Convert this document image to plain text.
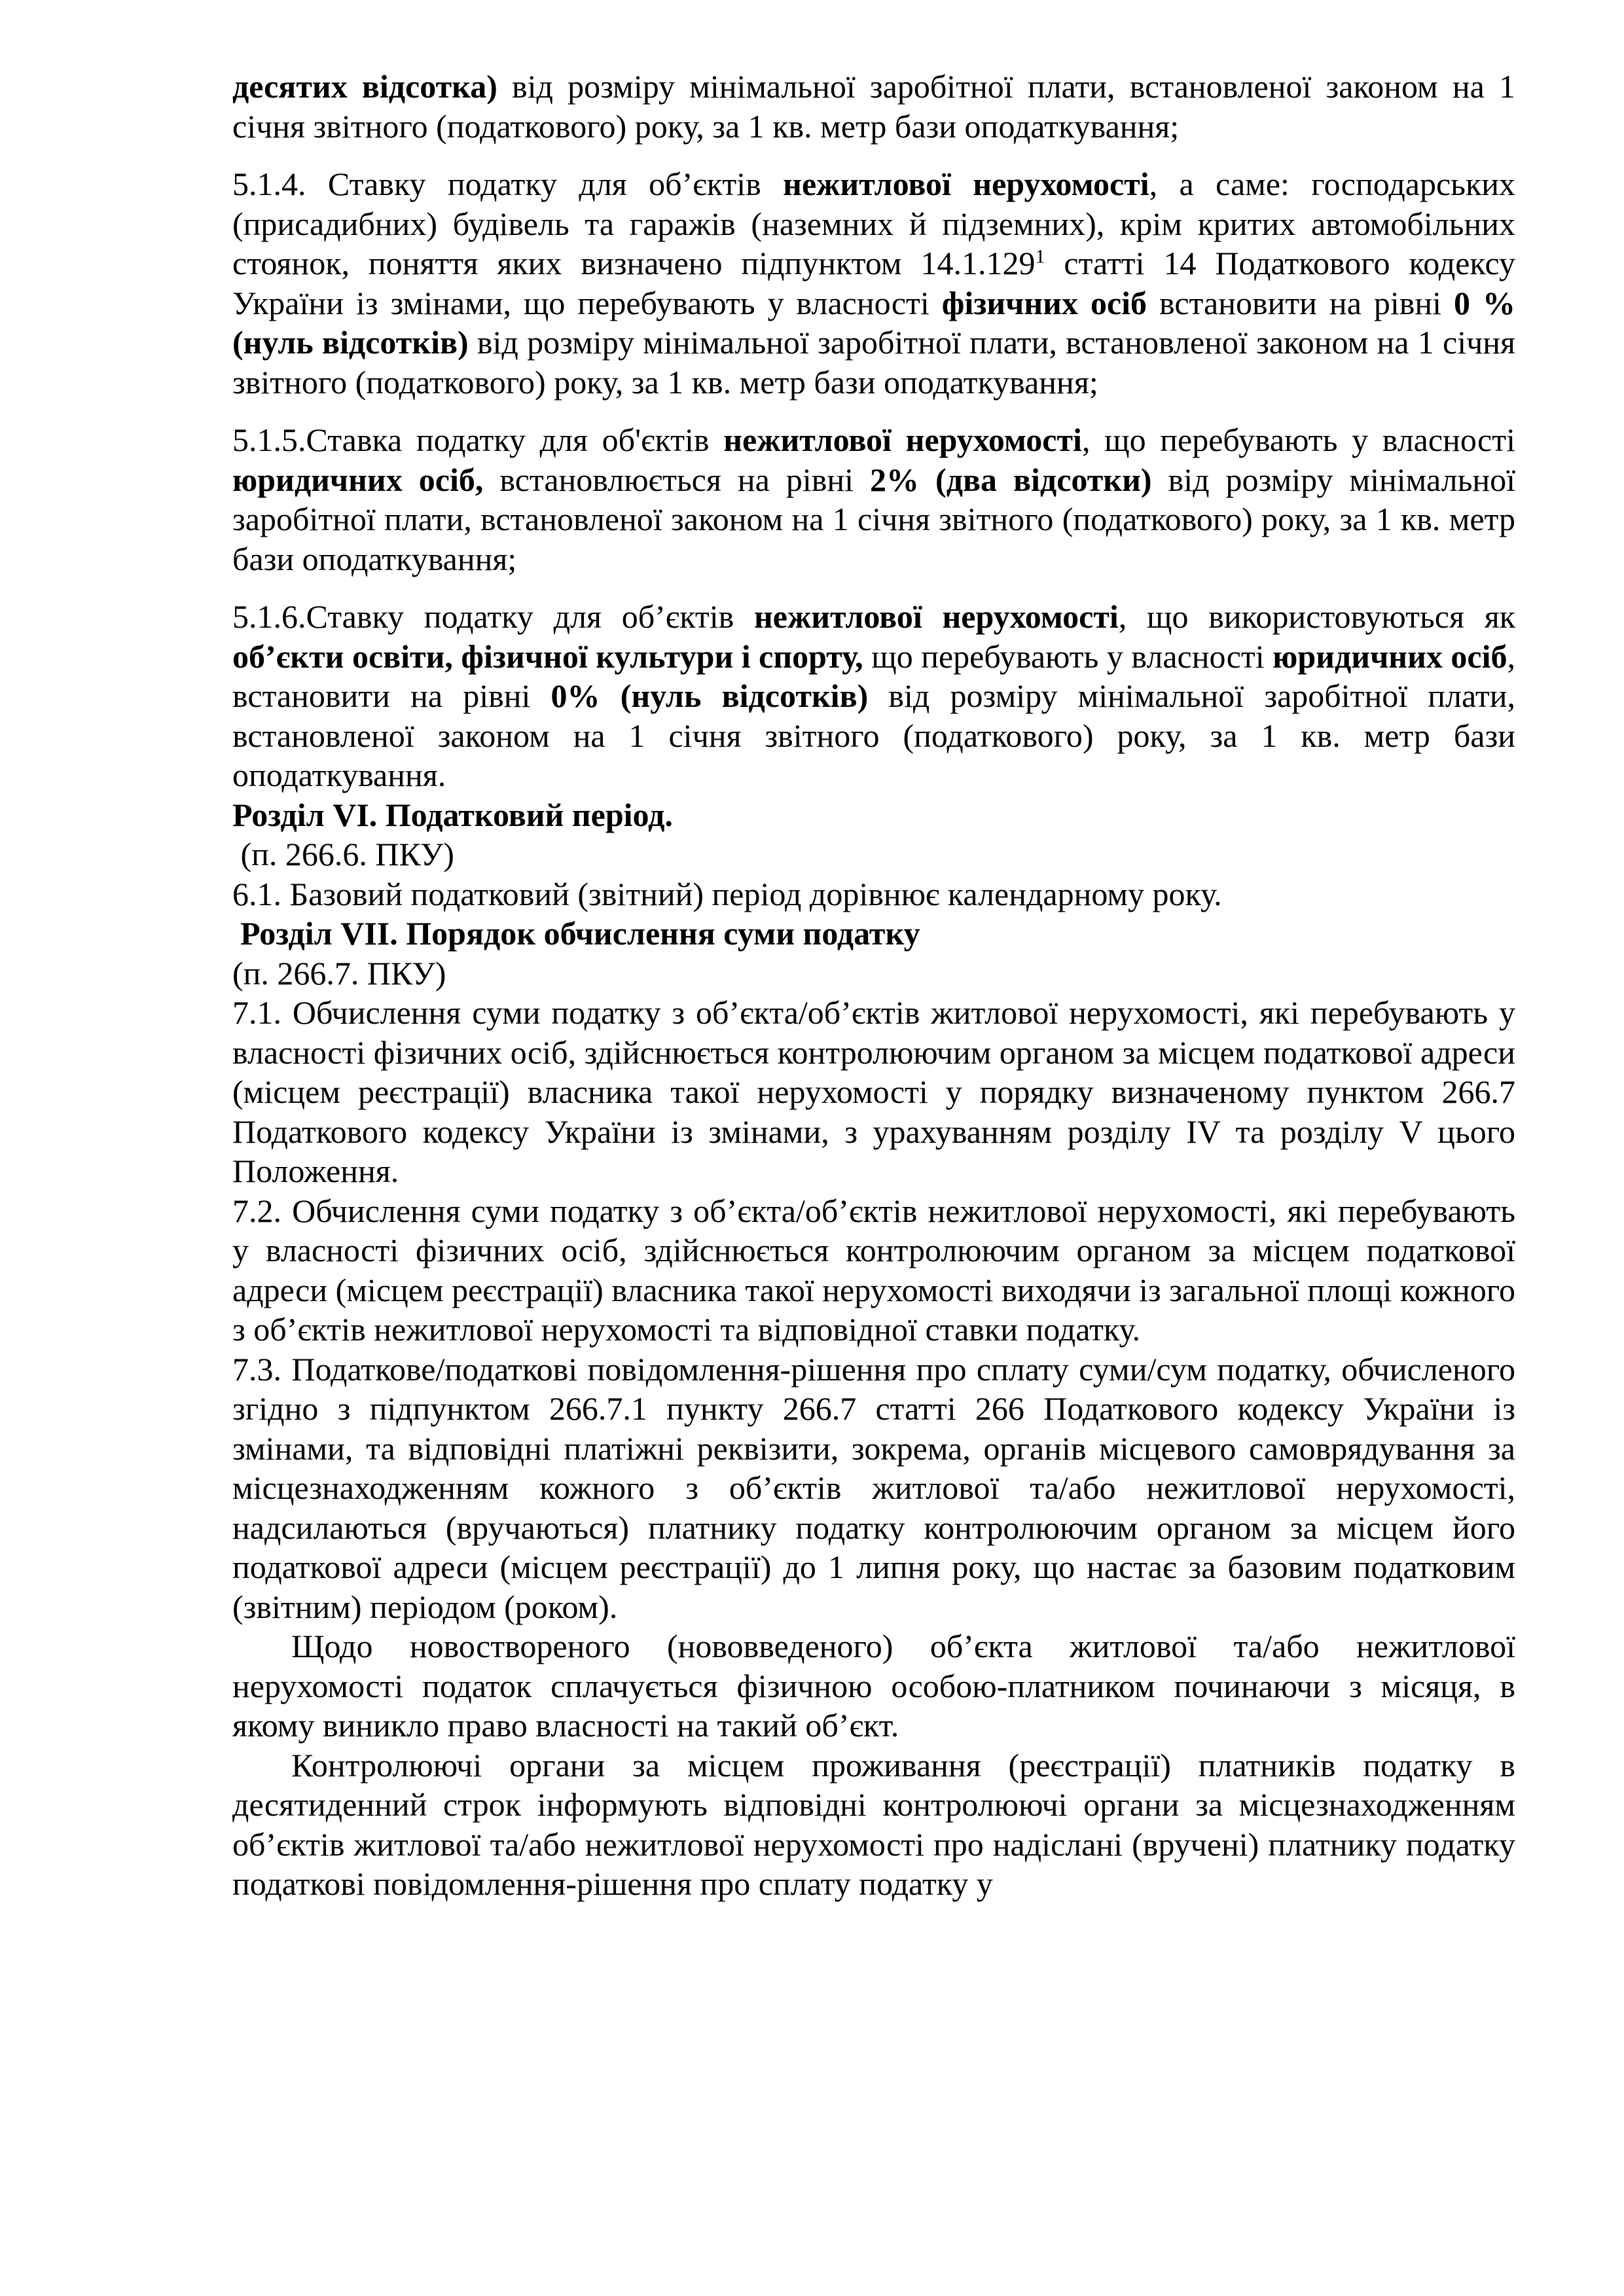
десятих відсотка) від розміру мінімальної заробітної плати, встановленої законом на 1 січня звітного (податкового) року, за 1 кв. метр бази оподаткування;

5.1.4. Ставку податку для об’єктів нежитлової нерухомості, а саме: господарських (присадибних) будівель та гаражів (наземних й підземних), крім критих автомобільних стоянок, поняття яких визначено підпунктом 14.1.129$^1$ статті 14 Податкового кодексу України із змінами, що перебувають у власності фізичних осіб встановити на рівні 0 % (нуль відсотків) від розміру мінімальної заробітної плати, встановленої законом на 1 січня звітного (податкового) року, за 1 кв. метр бази оподаткування;

5.1.5.Ставка податку для об'єктів нежитлової нерухомості, що перебувають у власності юридичних осіб, встановлюється на рівні 2% (два відсотки) від розміру мінімальної заробітної плати, встановленої законом на 1 січня звітного (податкового) року, за 1 кв. метр бази оподаткування;

5.1.6.Ставку податку для об’єктів нежитлової нерухомості, що використовуються як об’єкти освіти, фізичної культури і спорту, що перебувають у власності юридичних осіб, встановити на рівні 0% (нуль відсотків) від розміру мінімальної заробітної плати, встановленої законом на 1 січня звітного (податкового) року, за 1 кв. метр бази оподаткування.

Розділ VI. Податковий період.

(п. 266.6. ПКУ)

6.1. Базовий податковий (звітний) період дорівнює календарному року.

Розділ VII. Порядок обчислення суми податку

(п. 266.7. ПКУ)

7.1. Обчислення суми податку з об’єкта/об’єктів житлової нерухомості, які перебувають у власності фізичних осіб, здійснюється контролюючим органом за місцем податкової адреси (місцем реєстрації) власника такої нерухомості у порядку визначеному пунктом 266.7 Податкового кодексу України із змінами, з урахуванням розділу IV та розділу V цього Положення.

7.2. Обчислення суми податку з об’єкта/об’єктів нежитлової нерухомості, які перебувають у власності фізичних осіб, здійснюється контролюючим органом за місцем податкової адреси (місцем реєстрації) власника такої нерухомості виходячи із загальної площі кожного з об’єктів нежитлової нерухомості та відповідної ставки податку.

7.3. Податкове/податкові повідомлення-рішення про сплату суми/сум податку, обчисленого згідно з підпунктом 266.7.1 пункту 266.7 статті 266 Податкового кодексу України із змінами, та відповідні платіжні реквізити, зокрема, органів місцевого самоврядування за місцезнаходженням кожного з об’єктів житлової та/або нежитлової нерухомості, надсилаються (вручаються) платнику податку контролюючим органом за місцем його податкової адреси (місцем реєстрації) до 1 липня року, що настає за базовим податковим (звітним) періодом (роком).

Щодо новоствореного (нововведеного) об’єкта житлової та/або нежитлової нерухомості податок сплачується фізичною особою-платником починаючи з місяця, в якому виникло право власності на такий об’єкт.

Контролюючі органи за місцем проживання (реєстрації) платників податку в десятиденний строк інформують відповідні контролюючі органи за місцезнаходженням об’єктів житлової та/або нежитлової нерухомості про надіслані (вручені) платнику податку податкові повідомлення-рішення про сплату податку у
